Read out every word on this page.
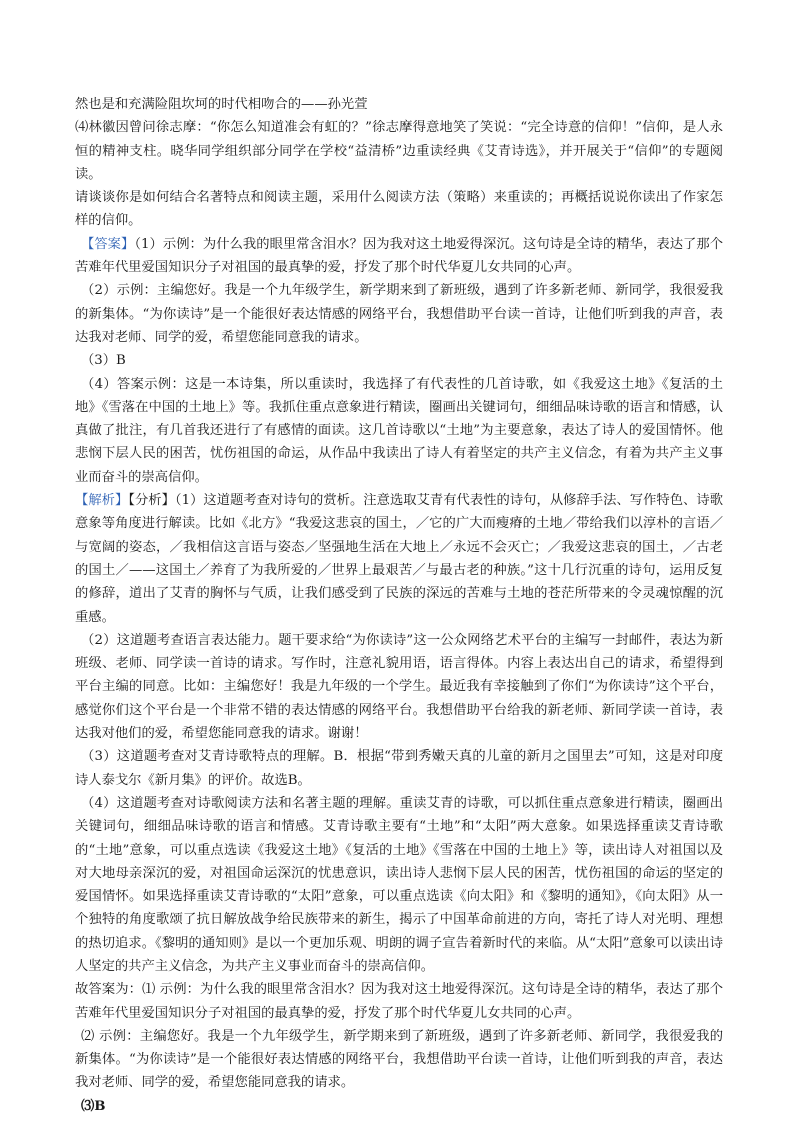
然也是和充满险阻坎坷的时代相吻合的——孙光萱

⑷林徽因曾问徐志摩：“你怎么知道准会有虹的？”徐志摩得意地笑了笑说：“完全诗意的信仰！”信仰，是人永恒的精神支柱。晓华同学组织部分同学在学校“益清桥”边重读经典《艾青诗选》，并开展关于“信仰”的专题阅读。

请谈谈你是如何结合名著特点和阅读主题，采用什么阅读方法（策略）来重读的；再概括说说你读出了作家怎样的信仰。

【答案】（1）示例：为什么我的眼里常含泪水？因为我对这土地爱得深沉。这句诗是全诗的精华，表达了那个苦难年代里爱国知识分子对祖国的最真挚的爱，抒发了那个时代华夏儿女共同的心声。

（2）示例：主编您好。我是一个九年级学生，新学期来到了新班级，遇到了许多新老师、新同学，我很爱我的新集体。“为你读诗”是一个能很好表达情感的网络平台，我想借助平台读一首诗，让他们听到我的声音，表达我对老师、同学的爱，希望您能同意我的请求。

（3）B

（4）答案示例：这是一本诗集，所以重读时，我选择了有代表性的几首诗歌，如《我爱这土地》《复活的土地》《雪落在中国的土地上》等。我抓住重点意象进行精读，圈画出关键词句，细细品味诗歌的语言和情感，认真做了批注，有几首我还进行了有感情的面读。这几首诗歌以“土地”为主要意象，表达了诗人的爱国情怀。他悲悯下层人民的困苦，忧伤祖国的命运，从作品中我读出了诗人有着坚定的共产主义信念，有着为共产主义事业而奋斗的崇高信仰。

【解析】【分析】（1）这道题考查对诗句的赏析。注意选取艾青有代表性的诗句，从修辞手法、写作特色、诗歌意象等角度进行解读。比如《北方》“我爱这悲哀的国土，／它的广大而瘦瘠的土地／带给我们以淳朴的言语／与宽阔的姿态，／我相信这言语与姿态／坚强地生活在大地上／永远不会灭亡；／我爱这悲哀的国土，／古老的国土／——这国土／养育了为我所爱的／世界上最艰苦／与最古老的种族。”这十几行沉重的诗句，运用反复的修辞，道出了艾青的胸怀与气质，让我们感受到了民族的深远的苦难与土地的苍茫所带来的令灵魂惊醒的沉重感。

（2）这道题考查语言表达能力。题干要求给“为你读诗”这一公众网络艺术平台的主编写一封邮件，表达为新班级、老师、同学读一首诗的请求。写作时，注意礼貌用语，语言得体。内容上表达出自己的请求，希望得到平台主编的同意。比如：主编您好！我是九年级的一个学生。最近我有幸接触到了你们“为你读诗”这个平台，感觉你们这个平台是一个非常不错的表达情感的网络平台。我想借助平台给我的新老师、新同学读一首诗，表达我对他们的爱，希望您能同意我的请求。谢谢！

（3）这道题考查对艾青诗歌特点的理解。B．根据“带到秀嫩天真的儿童的新月之国里去”可知，这是对印度诗人泰戈尔《新月集》的评价。故选B。

（4）这道题考查对诗歌阅读方法和名著主题的理解。重读艾青的诗歌，可以抓住重点意象进行精读，圈画出关键词句，细细品味诗歌的语言和情感。艾青诗歌主要有“土地”和“太阳”两大意象。如果选择重读艾青诗歌的“土地”意象，可以重点选读《我爱这土地》《复活的土地》《雪落在中国的土地上》等，读出诗人对祖国以及对大地母亲深沉的爱，对祖国命运深沉的忧患意识，读出诗人悲悯下层人民的困苦，忧伤祖国的命运的坚定的爱国情怀。如果选择重读艾青诗歌的“太阳”意象，可以重点选读《向太阳》和《黎明的通知》，《向太阳》从一个独特的角度歌颂了抗日解放战争给民族带来的新生，揭示了中国革命前进的方向，寄托了诗人对光明、理想的热切追求。《黎明的通知则》是以一个更加乐观、明朗的调子宣告着新时代的来临。从“太阳”意象可以读出诗人坚定的共产主义信念，为共产主义事业而奋斗的崇高信仰。

故答案为：⑴ 示例：为什么我的眼里常含泪水？因为我对这土地爱得深沉。这句诗是全诗的精华，表达了那个苦难年代里爱国知识分子对祖国的最真挚的爱，抒发了那个时代华夏儿女共同的心声。

⑵ 示例：主编您好。我是一个九年级学生，新学期来到了新班级，遇到了许多新老师、新同学，我很爱我的新集体。“为你读诗”是一个能很好表达情感的网络平台，我想借助平台读一首诗，让他们听到我的声音，表达我对老师、同学的爱，希望您能同意我的请求。

⑶B
